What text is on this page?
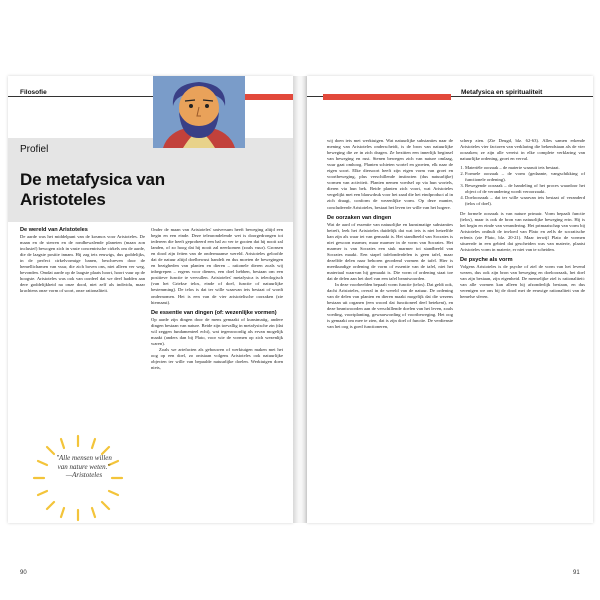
Filosofie
Profiel
De metafysica van
Aristoteles

De wereld van Aristoteles

De aarde was het middelpunt van de kosmos voor Aristoteles. De maan en de sterren en de rondbewalende planeten (maan zon inclusief) bewogen zich in vaste concentrische cirkels om de aarde, die de laagste positie innam. Hij zag iets eeuwigs, dus goddelijks, in de perfect cirkelvormige banen, beschreven door de hemellichamen van vuur, die zich boven ons, niet alleen ver weg, bevonden. Omdat aarde op de laagste plaats hoort, hoort vuur op de hoogste. Aristoteles was ook van oordeel dat we deel hadden aan dere goddelijkheid na onze dood, niet zelf als individu, maar krachtens onze vorm of soort, onze rationaliteit.

Onder de maan van Aristoteles' universum heeft beweging altijd een begin en een einde. Deze telearondelende wet is doorgedrongen tot iedereen die heeft geprobeerd een bal zo ver te gooien dat hij nooit zal landen, of zo hoog dat hij nooit zal neerkomen (zoals vuur). Gronsen en dood zijn feiten van de ondermaanse wereld. Aristoteles geloofde dat de natuur altijd doelbewust handelt en dus moeten de bewegingen en bezigheden van planten en dieren – rationele dieren zoals wij inbegrepen – ergens voor dienen, een doel hebben, bestaan om een positieve functie te vervullen. Aristoteles' metafysica is teleologisch (van het Griekse telos, einde of doel, functie of natuurlijke bestemming). De telos is dat ter wille waarvan iets bestaat of wordt ondernomen. Het is een van de vier aristotelische oorzaken (zie hiernaast).

De essentie van dingen (of: wezenlijke vormen)

Op aarde zijn dingen door de mens gemaakt of kunstmatig, andere dingen bestaan van nature. Beide zijn toevallig in metafysische zin (dat wil zeggen fundamenteel echt), wat tegenwoordig als ervan mogelijk maakt (anders dan bij Plato, voor wie de vormen op zich wezenlijk waren).

Zoals we artefacten als gebouwen of werktuigen maken met het oog op een doel, zo ontstaan volgens Aristoteles ook natuurlijke objecten ter wille van bepaalde natuurlijke doelen. Werktuigen doen niets,

"Alle mensen willen van nature weten." —Aristoteles
90
Metafysica en spiritualiteit

wij doen iets met werktuigen. Wat natuurlijke substanties naar de mening van Aristoteles onderscheidt, is de bron van natuurlijke beweging die ze in zich dragen. Ze bezitten een innerlijk beginsel van beweging en rust. Stenen bewegen zich van nature omlaag, vuur gaat omhoog. Planten schieten wortel en groeien, elk naar de eigen soort. Elke diersoort heeft zijn eigen vorm van groei en voortbeweging, plus verschillende instincten (dus natuurlijke) vormen van activiteit. Planten nemen voedsel op via hun wortels, dieren via hun bek. Beide planten zich voort, wat Aristoteles vergelijkt met een blauwdruk voor het zaad die het eindproduct al in zich draagt, conform de wezenlijke vorm. Op deze manier, concludeerde Aristoteles, bestaat het leven ter wille van het hogere.

De oorzaken van dingen

Wat de aard of essentie van natuurlijke en kunstmatige substanties betreft, leek het Aristoteles duidelijk dat wat iets is niet hetzelfde kan zijn als waar iet van gemaakt is. Het standbeeld van Socrates is niet gewoon marmer, maar marmer in de vorm van Socrates. Het marmer is van Socrates een stuk marmer tot standbeeld van Socrates maakt. Een stapel tafelonderdelen is geen tafel, maar dezelfde delen naar behoren geordend vormen de tafel. Hier is meetkundige ordening de vorm of essentie van de tafel, niet het materiaal waarvan hij gemaakt is. Die vorm of ordening staat toe dat de delen aan het doel van een tafel beantwoorden.

In deze voorbeelden bepaalt vorm functie (telos). Dat geldt ook, dacht Aristoteles, overal in de wereld van de natuur. De ordening van de delen van planten en dieren maakt mogelijk dat die wezens bestaan uit organen (een woord dat functioneel deel betekent), en deze beantwoorden aan de verschillende doelen van het leven, zoals voeding, voortplanting, gewaarwording of voortbeweging. Het oog is gemaakt om mee te zien, dat is zijn doel of functie. De verdienste van het oog is goed functioneren,

scherp zien. (Zie Deugd, blz. 62-63). Alles samen erkende Aristoteles vier factoren van verklaring die bekendstaan als de vier oorzaken; ze zijn alle vereist in elke complete verklaring van natuurlijke ordening, groei en verval.

1. Materiële oorzaak – de materie waaruit iets bestaat.
2. Formele oorzaak – de vorm (gedaante, vangschikking of functionele ordening).
3. Bewegende oorzaak – de handeling of het proces waardoor het object of de verandering wordt veroorzaakt.
4. Doeloorzaak – dat ter wille waarvan iets bestaat of veranderd (telos of doel).

De formele oorzaak is van nature primair. Vorm bepaalt functie (telos), maar is ook de bron van natuurlijke beweging erin. Hij is het begin en einde van verandering. Het primaatschap van vorm bij Aristoteles onthult de invloed van Plato en zelfs de socratische erfenis (zie Plato, blz. 20-21). Maar terwijl Plato de vormen situeerde in een gebied dat gescheiden was van materie, plaatst Aristoteles vorm in materie, er niet van te scheiden.

De psyche als vorm

Volgens Aristoteles is de psyche of ziel de vorm van het levend wezen, dus ook zijn bron van beweging en doeloorzaak, het doel van zijn bestaan, zijn eigenheid. De menselijke ziel is rationaliteit: van alle vormen kan alleen hij afzonderlijk bestaan, en dus verenigen we ons bij de dood met de eeuwige rationaliteit van de hemelse sferen.

91
